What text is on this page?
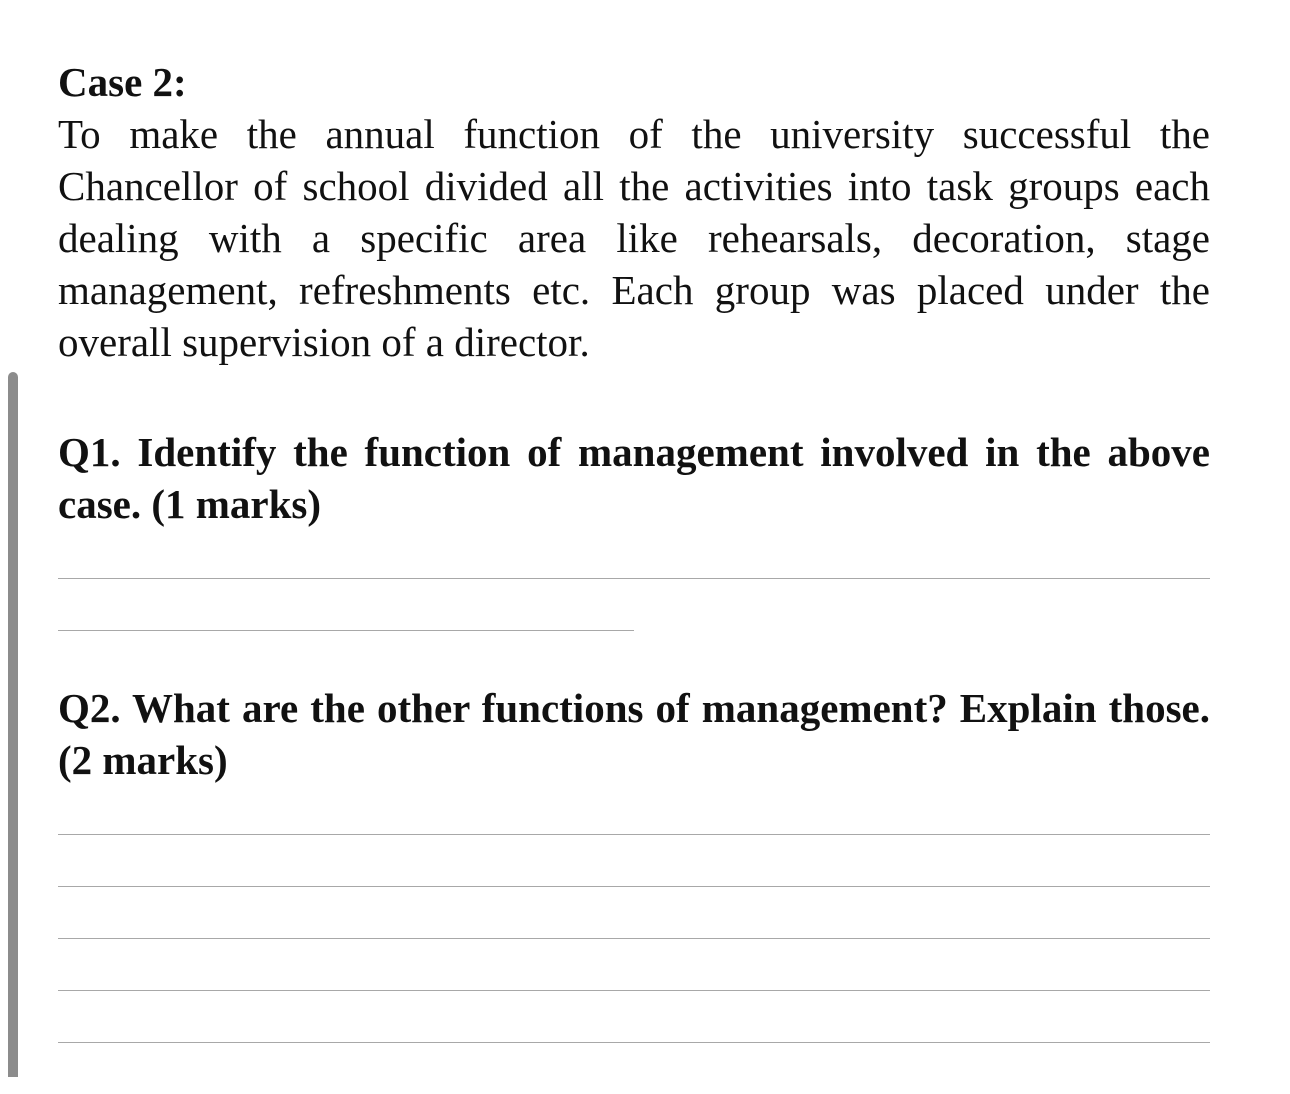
Case 2:

To make the annual function of the university successful the Chancellor of school divided all the activities into task groups each dealing with a specific area like rehearsals, decoration, stage management, refreshments etc. Each group was placed under the overall supervision of a director.

Q1. Identify the function of management involved in the above case. (1 marks)

Q2. What are the other functions of management? Explain those. (2 marks)
